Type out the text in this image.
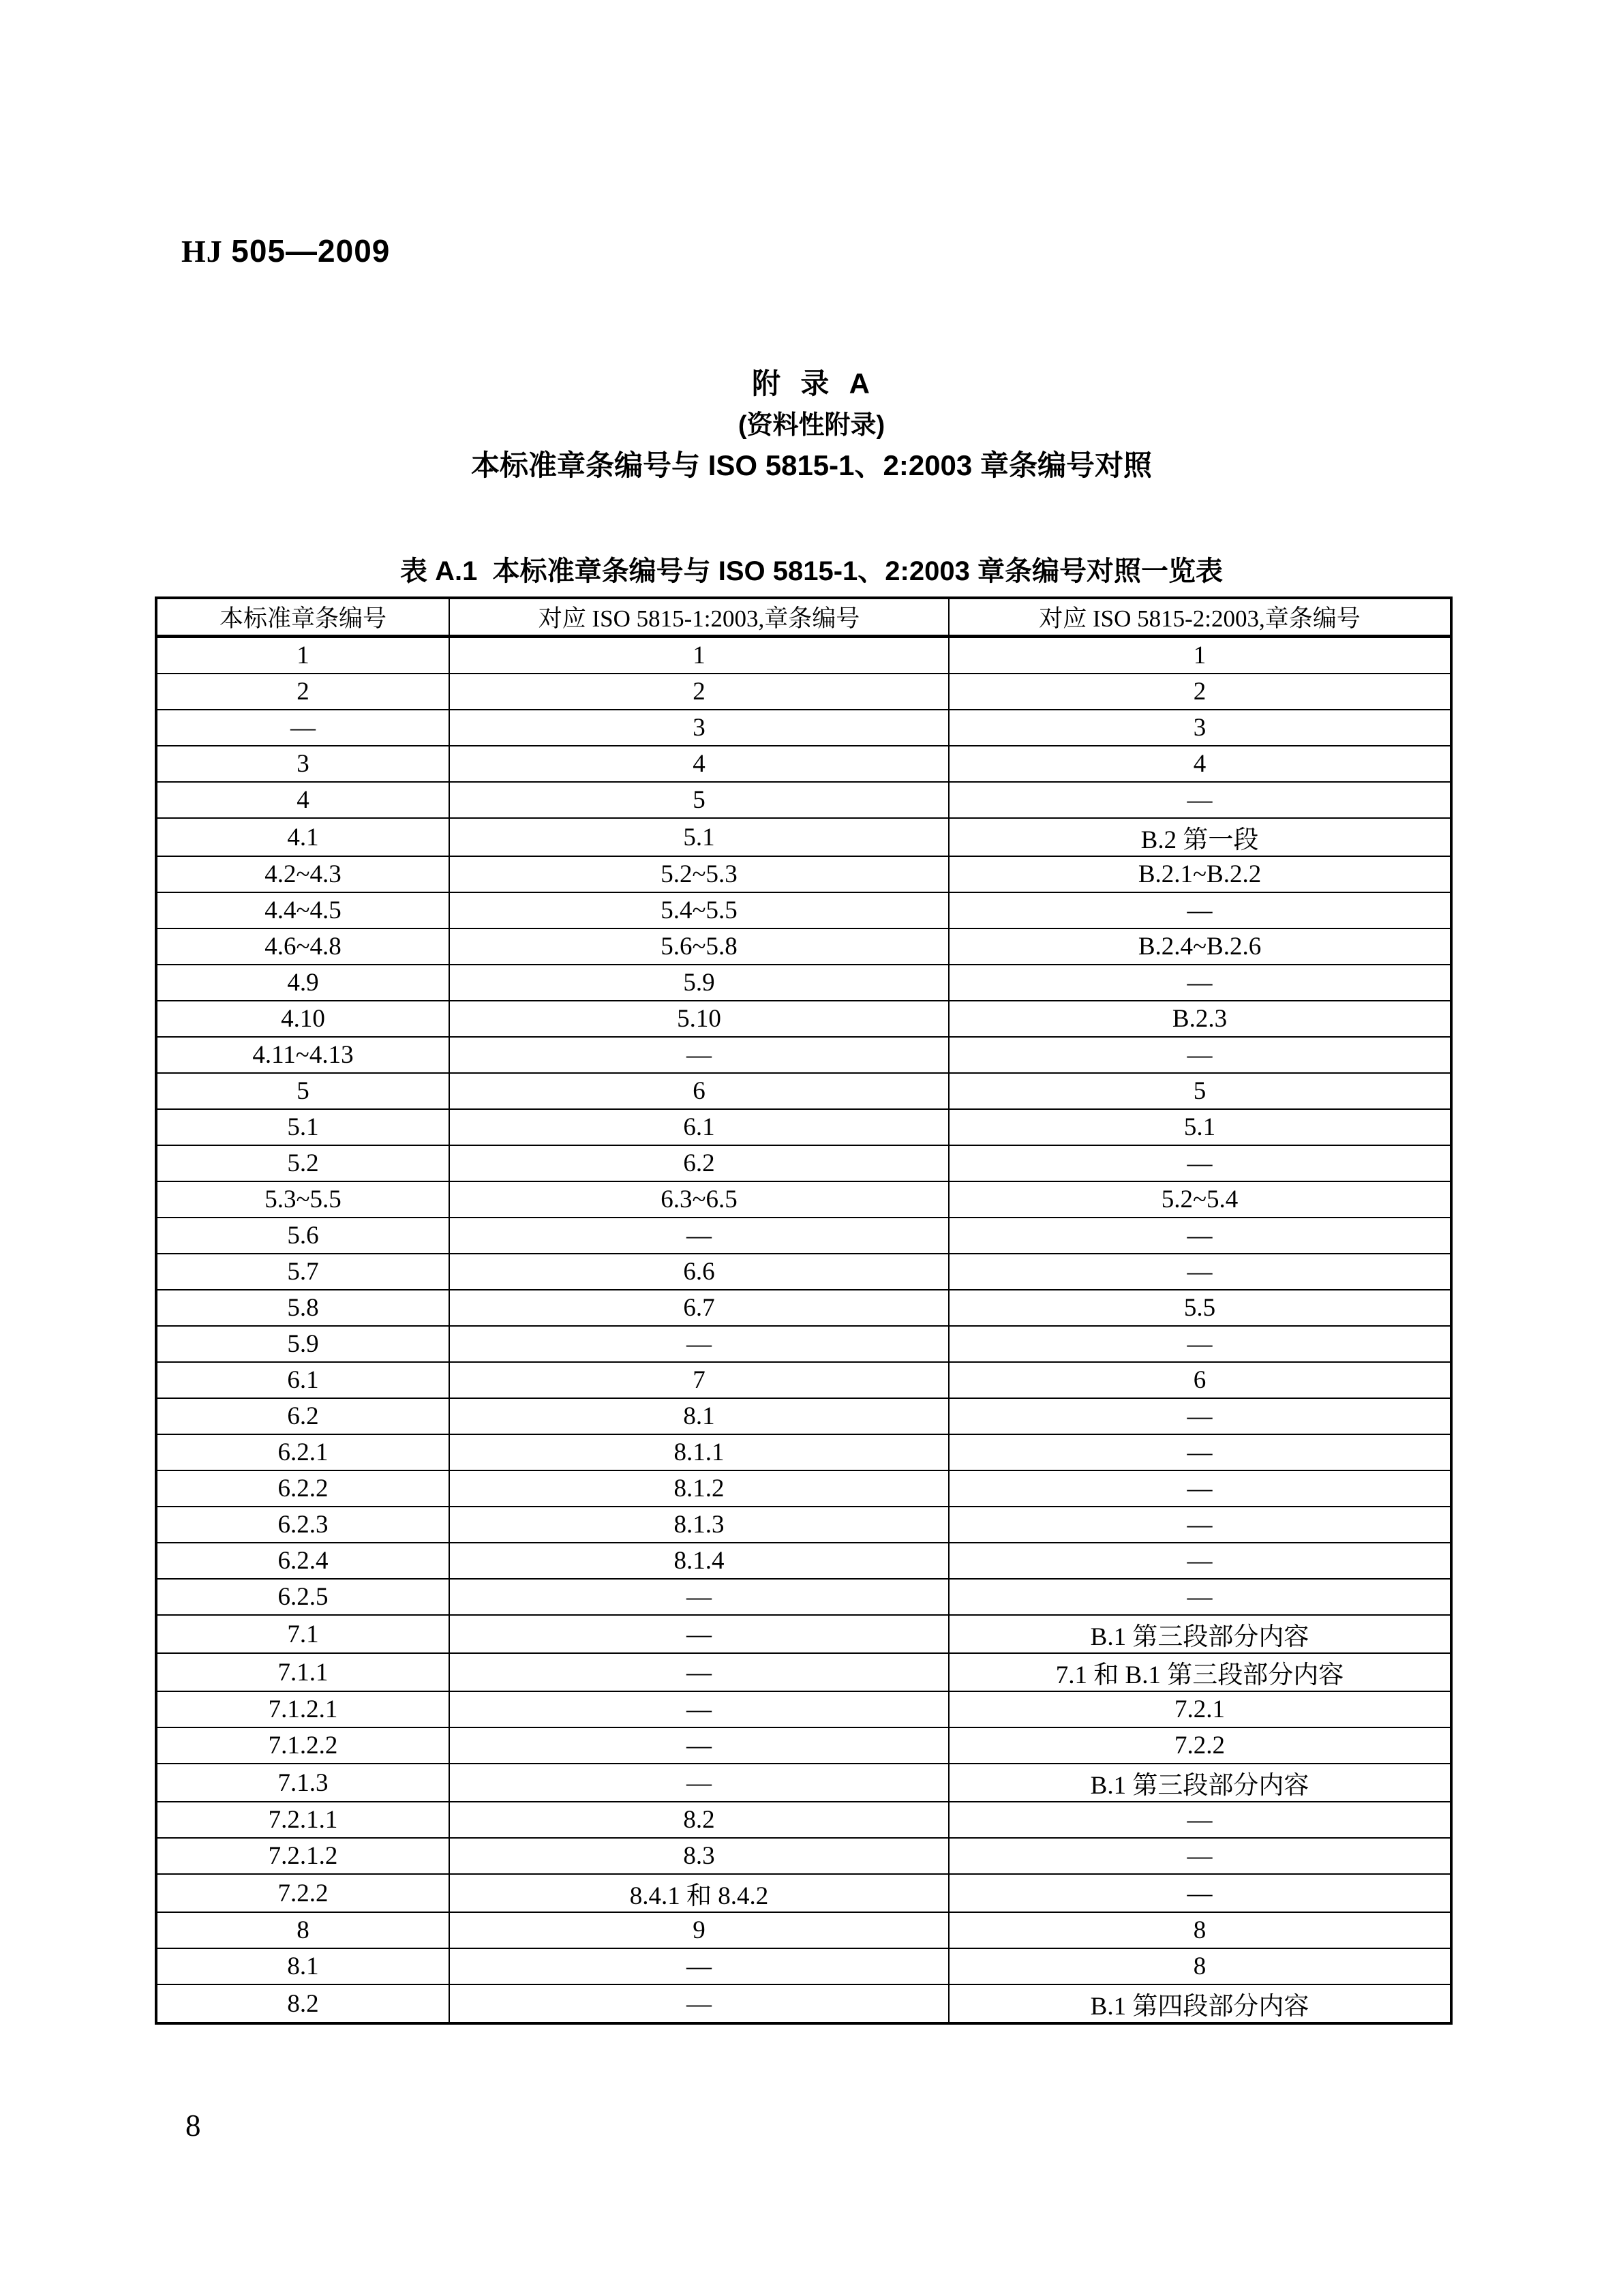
HJ 505—2009

附  录  A
(资料性附录)
本标准章条编号与 ISO 5815-1、2:2003 章条编号对照
表 A.1  本标准章条编号与 ISO 5815-1、2:2003 章条编号对照一览表
本标准章条编号	对应 ISO 5815-1:2003,章条编号	对应 ISO 5815-2:2003,章条编号
1	1	1
2	2	2
—	3	3
3	4	4
4	5	—
4.1	5.1	B.2 第一段
4.2~4.3	5.2~5.3	B.2.1~B.2.2
4.4~4.5	5.4~5.5	—
4.6~4.8	5.6~5.8	B.2.4~B.2.6
4.9	5.9	—
4.10	5.10	B.2.3
4.11~4.13	—	—
5	6	5
5.1	6.1	5.1
5.2	6.2	—
5.3~5.5	6.3~6.5	5.2~5.4
5.6	—	—
5.7	6.6	—
5.8	6.7	5.5
5.9	—	—
6.1	7	6
6.2	8.1	—
6.2.1	8.1.1	—
6.2.2	8.1.2	—
6.2.3	8.1.3	—
6.2.4	8.1.4	—
6.2.5	—	—
7.1	—	B.1 第三段部分内容
7.1.1	—	7.1 和 B.1 第三段部分内容
7.1.2.1	—	7.2.1
7.1.2.2	—	7.2.2
7.1.3	—	B.1 第三段部分内容
7.2.1.1	8.2	—
7.2.1.2	8.3	—
7.2.2	8.4.1 和 8.4.2	—
8	9	8
8.1	—	8
8.2	—	B.1 第四段部分内容
8
